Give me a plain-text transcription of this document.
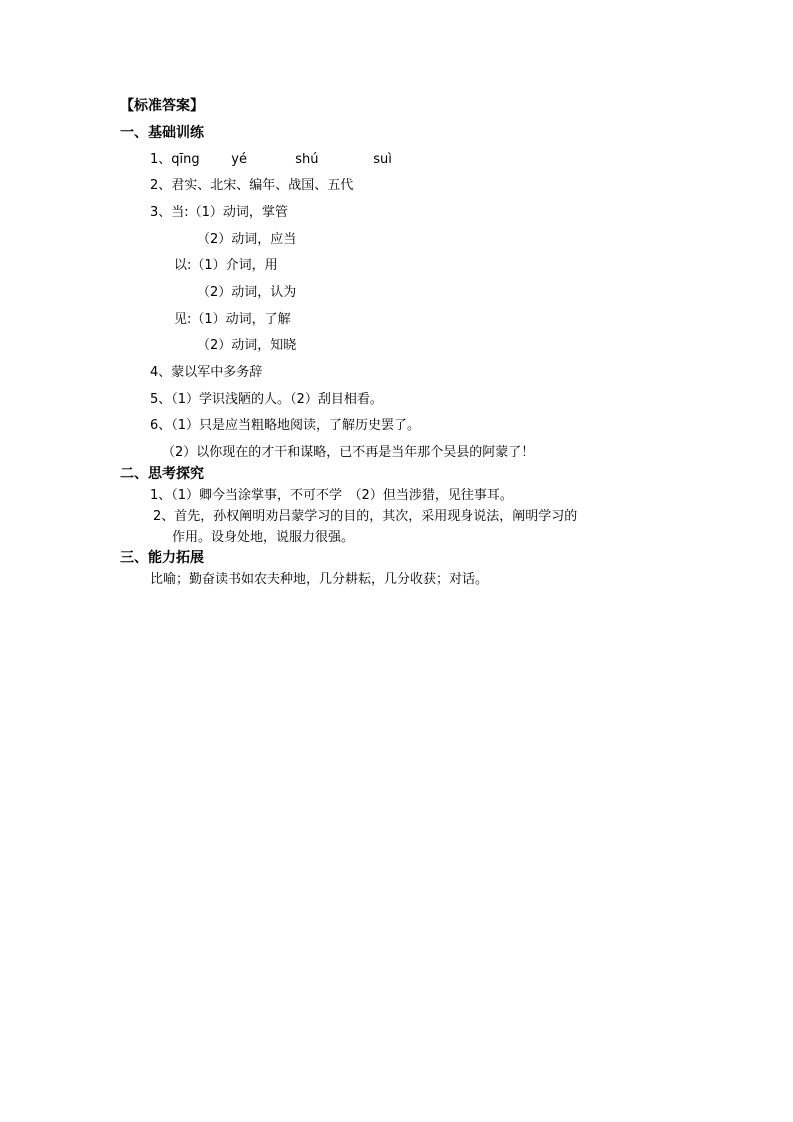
【标准答案】
一、基础训练
1、qīng yé	shú	suì
2、君实、北宋、编年、战国、五代
3、当:（1）动词，掌管
（2）动词，应当
以:（1）介词，用
（2）动词，认为
见:（1）动词，了解
（2）动词，知晓
4、蒙以军中多务辞
5、（1）学识浅陋的人。（2）刮目相看。
6、（1）只是应当粗略地阅读，了解历史罢了。
（2）以你现在的才干和谋略，已不再是当年那个吴县的阿蒙了！
二、思考探究
1、（1）卿今当涂掌事，不可不学　（2）但当涉猎，见往事耳。
2、首先，孙权阐明劝吕蒙学习的目的，其次，采用现身说法，阐明学习的
作用。设身处地，说服力很强。
三、能力拓展
比喻；勤奋读书如农夫种地，几分耕耘，几分收获；对话。
